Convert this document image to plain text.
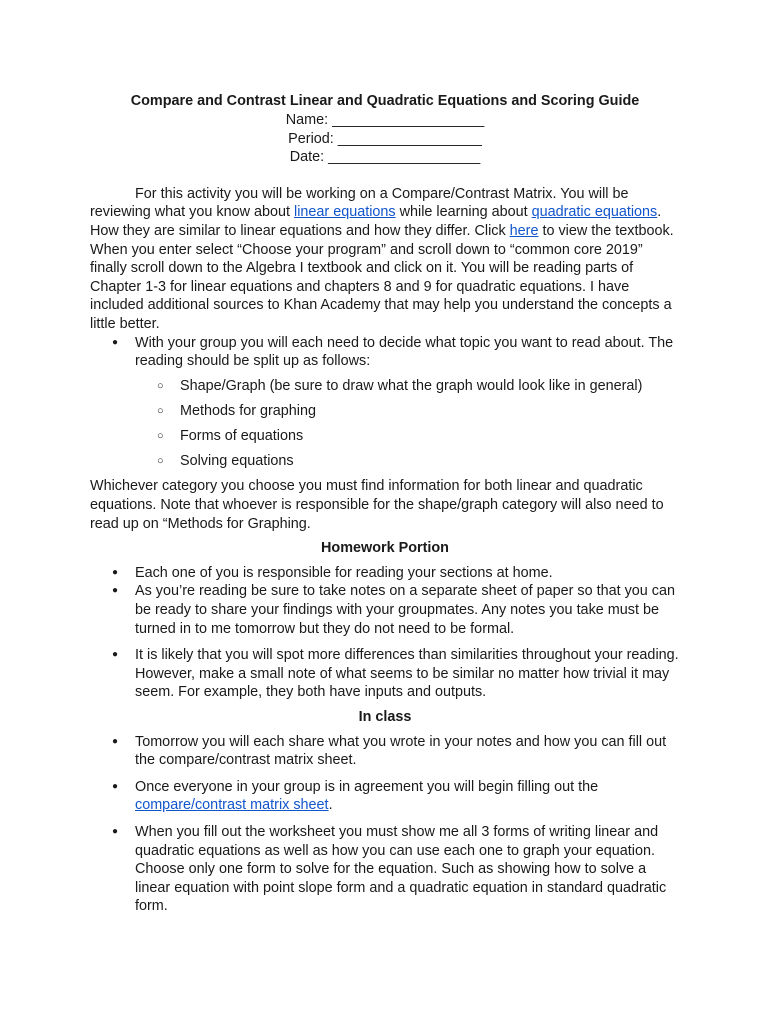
Compare and Contrast Linear and Quadratic Equations and Scoring Guide

Name: ___________________
Period: __________________
Date: ___________________

For this activity you will be working on a Compare/Contrast Matrix. You will be reviewing what you know about linear equations while learning about quadratic equations. How they are similar to linear equations and how they differ. Click here to view the textbook. When you enter select “Choose your program” and scroll down to “common core 2019” finally scroll down to the Algebra I textbook and click on it. You will be reading parts of Chapter 1-3 for linear equations and chapters 8 and 9 for quadratic equations. I have included additional sources to Khan Academy that may help you understand the concepts a little better.

● With your group you will each need to decide what topic you want to read about. The reading should be split up as follows:
○ Shape/Graph (be sure to draw what the graph would look like in general)
○ Methods for graphing
○ Forms of equations
○ Solving equations

Whichever category you choose you must find information for both linear and quadratic equations. Note that whoever is responsible for the shape/graph category will also need to read up on “Methods for Graphing.

Homework Portion
● Each one of you is responsible for reading your sections at home.
● As you’re reading be sure to take notes on a separate sheet of paper so that you can be ready to share your findings with your groupmates. Any notes you take must be turned in to me tomorrow but they do not need to be formal.
● It is likely that you will spot more differences than similarities throughout your reading. However, make a small note of what seems to be similar no matter how trivial it may seem. For example, they both have inputs and outputs.
In class
● Tomorrow you will each share what you wrote in your notes and how you can fill out the compare/contrast matrix sheet.
● Once everyone in your group is in agreement you will begin filling out the compare/contrast matrix sheet.
● When you fill out the worksheet you must show me all 3 forms of writing linear and quadratic equations as well as how you can use each one to graph your equation. Choose only one form to solve for the equation. Such as showing how to solve a linear equation with point slope form and a quadratic equation in standard quadratic form.
